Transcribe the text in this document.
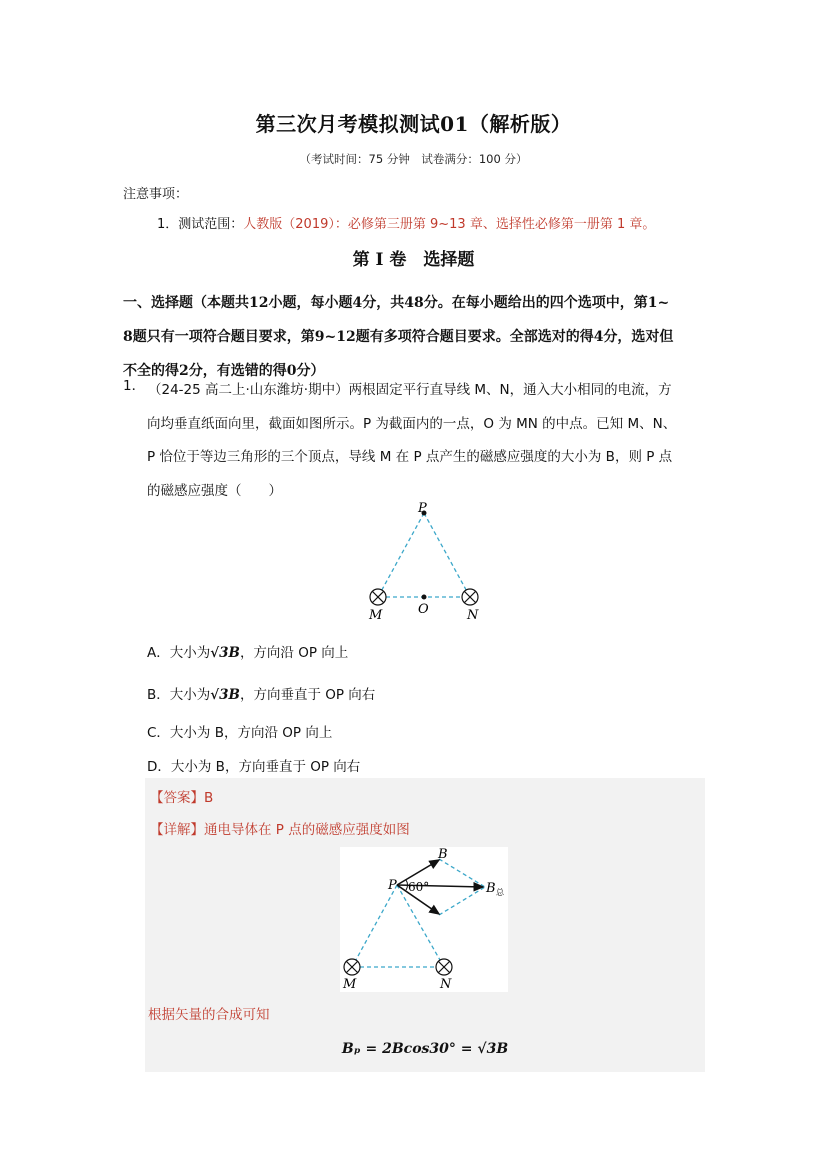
第三次月考模拟测试01（解析版）
（考试时间：75 分钟　试卷满分：100 分）
注意事项：
1．测试范围：人教版（2019）：必修第三册第 9~13 章、选择性必修第一册第 1 章。
第 I 卷　选择题
一、选择题（本题共12小题，每小题4分，共48分。在每小题给出的四个选项中，第1~
8题只有一项符合题目要求，第9~12题有多项符合题目要求。全部选对的得4分，选对但
不全的得2分，有选错的得0分）
1． （24-25 高二上·山东潍坊·期中）两根固定平行直导线 M、N，通入大小相同的电流，方
向均垂直纸面向里，截面如图所示。P 为截面内的一点，O 为 MN 的中点。已知 M、N、
P 恰位于等边三角形的三个顶点，导线 M 在 P 点产生的磁感应强度的大小为 B，则 P 点
的磁感应强度（　　）
P
M	O	N
A．大小为√3B，方向沿 OP 向上
B．大小为√3B，方向垂直于 OP 向右
C．大小为 B，方向沿 OP 向上
D．大小为 B，方向垂直于 OP 向右
【答案】B
【详解】通电导体在 P 点的磁感应强度如图
P
B
60°	B 总
M	N
根据矢量的合成可知
Bₚ = 2Bcos30° = √3B
